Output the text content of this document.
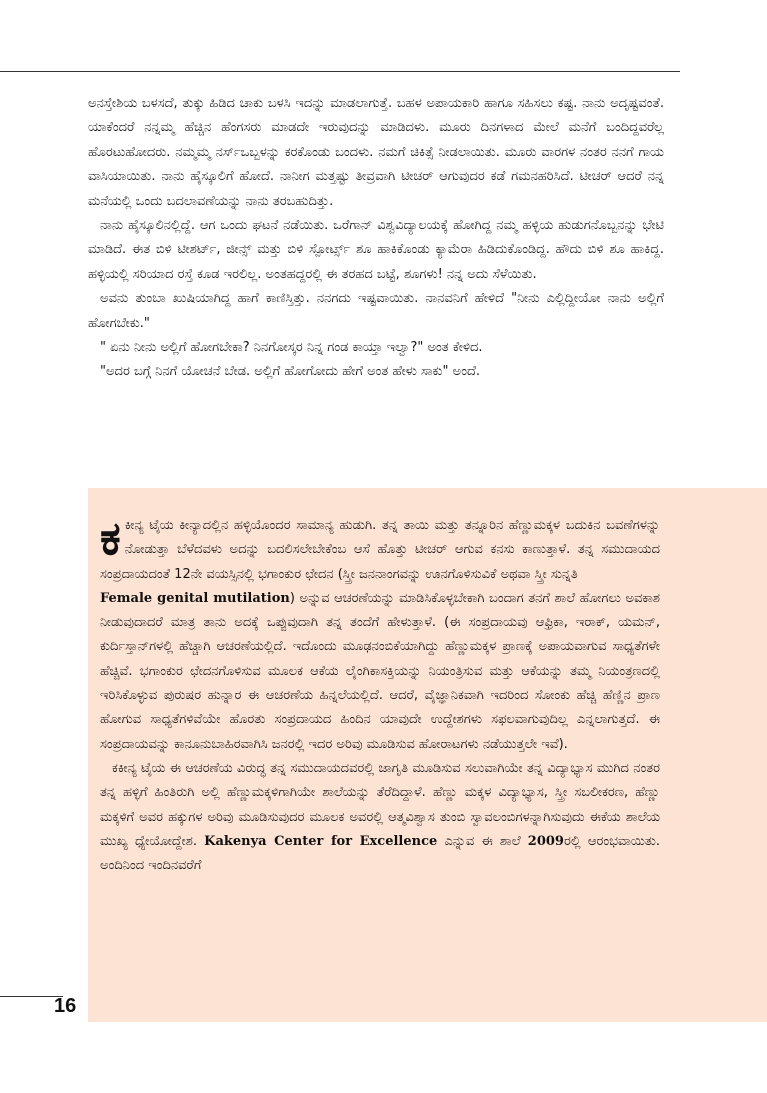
ಅನಸ್ತೇಶಿಯ ಬಳಸದೆ, ತುಕ್ಕು ಹಿಡಿದ ಚಾಕು ಬಳಸಿ ಇದನ್ನು ಮಾಡಲಾಗುತ್ತೆ. ಬಹಳ ಅಪಾಯಕಾರಿ ಹಾಗೂ ಸಹಿಸಲು ಕಷ್ಟ. ನಾನು ಅದೃಷ್ಟವಂತೆ. ಯಾಕೆಂದರೆ ನನ್ನಮ್ಮ ಹೆಚ್ಚಿನ ಹೆಂಗಸರು ಮಾಡದೇ ಇರುವುದನ್ನು ಮಾಡಿದಳು. ಮೂರು ದಿನಗಳಾದ ಮೇಲೆ ಮನೆಗೆ ಬಂದಿದ್ದವರೆಲ್ಲ ಹೊರಟುಹೋದರು. ನಮ್ಮಮ್ಮ ನರ್ಸ್‌ಒಬ್ಬಳನ್ನು ಕರಕೊಂಡು ಬಂದಳು. ನಮಗೆ ಚಿಕಿತ್ಸೆ ನೀಡಲಾಯಿತು. ಮೂರು ವಾರಗಳ ನಂತರ ನನಗೆ ಗಾಯ ವಾಸಿಯಾಯಿತು. ನಾನು ಹೈಸ್ಕೂಲಿಗೆ ಹೋದೆ. ನಾನೀಗ ಮತ್ತಷ್ಟು ತೀವ್ರವಾಗಿ ಟೀಚರ್ ಆಗುವುದರ ಕಡೆ ಗಮನಹರಿಸಿದೆ. ಟೀಚರ್ ಆದರೆ ನನ್ನ ಮನೆಯಲ್ಲಿ ಒಂದು ಬದಲಾವಣೆಯನ್ನು ನಾನು ತರಬಹುದಿತ್ತು.

ನಾನು ಹೈಸ್ಕೂಲಿನಲ್ಲಿದ್ದೆ. ಆಗ ಒಂದು ಘಟನೆ ನಡೆಯಿತು. ಒರೆಗಾನ್ ವಿಶ್ವವಿದ್ಯಾಲಯಕ್ಕೆ ಹೋಗಿದ್ದ ನಮ್ಮ ಹಳ್ಳಿಯ ಹುಡುಗನೊಬ್ಬನನ್ನು ಭೇಟಿ ಮಾಡಿದೆ. ಈತ ಬಿಳಿ ಟೀಶರ್ಟ್, ಜೀನ್ಸ್ ಮತ್ತು ಬಿಳಿ ಸ್ಪೋರ್ಟ್ಸ್ ಶೂ ಹಾಕಿಕೊಂಡು ಕ್ಯಾಮೆರಾ ಹಿಡಿದುಕೊಂಡಿದ್ದ. ಹೌದು ಬಿಳಿ ಶೂ ಹಾಕಿದ್ದ. ಹಳ್ಳಿಯಲ್ಲಿ ಸರಿಯಾದ ರಸ್ತೆ ಕೂಡ ಇರಲಿಲ್ಲ. ಅಂತಹದ್ದರಲ್ಲಿ ಈ ತರಹದ ಬಟ್ಟೆ, ಶೂಗಳು! ನನ್ನ ಅದು ಸೆಳೆಯಿತು.

ಅವನು ತುಂಬಾ ಖುಷಿಯಾಗಿದ್ದ ಹಾಗೆ ಕಾಣಿಸ್ತಿತ್ತು. ನನಗದು ಇಷ್ಟವಾಯಿತು. ನಾನವನಿಗೆ ಹೇಳಿದೆ "ನೀನು ಎಲ್ಲಿದ್ದೀಯೋ ನಾನು ಅಲ್ಲಿಗೆ ಹೋಗಬೇಕು."

" ಏನು ನೀನು ಅಲ್ಲಿಗೆ ಹೋಗಬೇಕಾ? ನಿನಗೋಸ್ಕರ ನಿನ್ನ ಗಂಡ ಕಾಯ್ತಾ ಇಲ್ವಾ?" ಅಂತ ಕೇಳಿದ.

"ಅದರ ಬಗ್ಗೆ ನಿನಗೆ ಯೋಚನೆ ಬೇಡ. ಅಲ್ಲಿಗೆ ಹೋಗೋದು ಹೇಗೆ ಅಂತ ಹೇಳು ಸಾಕು" ಅಂದೆ.

ಕಕೀನ್ಯ ಟೈಯ ಕೀನ್ಯಾದಲ್ಲಿನ ಹಳ್ಳಿಯೊಂದರ ಸಾಮಾನ್ಯ ಹುಡುಗಿ. ತನ್ನ ತಾಯಿ ಮತ್ತು ತನ್ನೂರಿನ ಹೆಣ್ಣುಮಕ್ಕಳ ಬದುಕಿನ ಬವಣೆಗಳನ್ನು ನೋಡುತ್ತಾ ಬೆಳೆದವಳು ಅದನ್ನು ಬದಲಿಸಲೇಬೇಕೆಂಬ ಆಸೆ ಹೊತ್ತು ಟೀಚರ್ ಆಗುವ ಕನಸು ಕಾಣುತ್ತಾಳೆ. ತನ್ನ ಸಮುದಾಯದ ಸಂಪ್ರದಾಯದಂತೆ 12ನೇ ವಯಸ್ಸಿನಲ್ಲಿ ಭಗಾಂಕುರ ಛೇದನ (ಸ್ತ್ರೀ ಜನನಾಂಗವನ್ನು ಊನಗೊಳಿಸುವಿಕೆ ಅಥವಾ ಸ್ತ್ರೀ ಸುನ್ನತಿ
Female genital mutilation) ಅನ್ನುವ ಆಚರಣೆಯನ್ನು ಮಾಡಿಸಿಕೊಳ್ಳಬೇಕಾಗಿ ಬಂದಾಗ ತನಗೆ ಶಾಲೆ ಹೋಗಲು ಅವಕಾಶ ನೀಡುವುದಾದರೆ ಮಾತ್ರ ತಾನು ಅದಕ್ಕೆ ಒಪ್ಪುವುದಾಗಿ ತನ್ನ ತಂದೆಗೆ ಹೇಳುತ್ತಾಳೆ. (ಈ ಸಂಪ್ರದಾಯವು ಆಫ್ರಿಕಾ, ಇರಾಕ್, ಯಮನ್, ಕುರ್ದಿಸ್ತಾನ್‌ಗಳಲ್ಲಿ ಹೆಚ್ಚಾಗಿ ಆಚರಣೆಯಲ್ಲಿದೆ. ಇದೊಂದು ಮೂಢನಂಬಿಕೆಯಾಗಿದ್ದು ಹೆಣ್ಣುಮಕ್ಕಳ ಪ್ರಾಣಕ್ಕೆ ಅಪಾಯವಾಗುವ ಸಾಧ್ಯತೆಗಳೇ ಹೆಚ್ಚಿವೆ. ಭಗಾಂಕುರ ಛೇದನಗೊಳಿಸುವ ಮೂಲಕ ಆಕೆಯ ಲೈಂಗಿಕಾಸಕ್ತಿಯನ್ನು ನಿಯಂತ್ರಿಸುವ ಮತ್ತು ಆಕೆಯನ್ನು ತಮ್ಮ ನಿಯಂತ್ರಣದಲ್ಲಿ ಇರಿಸಿಕೊಳ್ಳುವ ಪುರುಷರ ಹುನ್ನಾರ ಈ ಆಚರಣೆಯ ಹಿನ್ನಲೆಯಲ್ಲಿದೆ. ಆದರೆ, ವೈಜ್ಞಾನಿಕವಾಗಿ ಇದರಿಂದ ಸೋಂಕು ಹೆಚ್ಚಿ ಹೆಣ್ಣಿನ ಪ್ರಾಣ ಹೋಗುವ ಸಾಧ್ಯತೆಗಳಿವೆಯೇ ಹೊರತು ಸಂಪ್ರದಾಯದ ಹಿಂದಿನ ಯಾವುದೇ ಉದ್ದೇಶಗಳು ಸಫಲವಾಗುವುದಿಲ್ಲ ಎನ್ನಲಾಗುತ್ತದೆ. ಈ ಸಂಪ್ರದಾಯವನ್ನು ಕಾನೂನುಬಾಹಿರವಾಗಿಸಿ ಜನರಲ್ಲಿ ಇದರ ಅರಿವು ಮೂಡಿಸುವ ಹೋರಾಟಗಳು ನಡೆಯುತ್ತಲೇ ಇವೆ).

ಕಕೀನ್ಯ ಟೈಯ ಈ ಆಚರಣೆಯ ವಿರುದ್ಧ ತನ್ನ ಸಮುದಾಯದವರಲ್ಲಿ ಜಾಗೃತಿ ಮೂಡಿಸುವ ಸಲುವಾಗಿಯೇ ತನ್ನ ವಿದ್ಯಾಭ್ಯಾಸ ಮುಗಿದ ನಂತರ ತನ್ನ ಹಳ್ಳಿಗೆ ಹಿಂತಿರುಗಿ ಅಲ್ಲಿ ಹೆಣ್ಣುಮಕ್ಕಳಿಗಾಗಿಯೇ ಶಾಲೆಯನ್ನು ತೆರೆದಿದ್ದಾಳೆ. ಹೆಣ್ಣು ಮಕ್ಕಳ ವಿದ್ಯಾಭ್ಯಾಸ, ಸ್ತ್ರೀ ಸಬಲೀಕರಣ, ಹೆಣ್ಣು ಮಕ್ಕಳಿಗೆ ಅವರ ಹಕ್ಕುಗಳ ಅರಿವು ಮೂಡಿಸುವುದರ ಮೂಲಕ ಅವರಲ್ಲಿ ಆತ್ಮವಿಶ್ವಾಸ ತುಂಬಿ ಸ್ವಾವಲಂಬಿಗಳನ್ನಾಗಿಸುವುದು ಈಕೆಯ ಶಾಲೆಯ ಮುಖ್ಯ ಧ್ಯೇಯೋದ್ದೇಶ. Kakenya Center for Excellence ಎನ್ನುವ ಈ ಶಾಲೆ 2009ರಲ್ಲಿ ಆರಂಭವಾಯಿತು. ಅಂದಿನಿಂದ ಇಂದಿನವರೆಗೆ

16
